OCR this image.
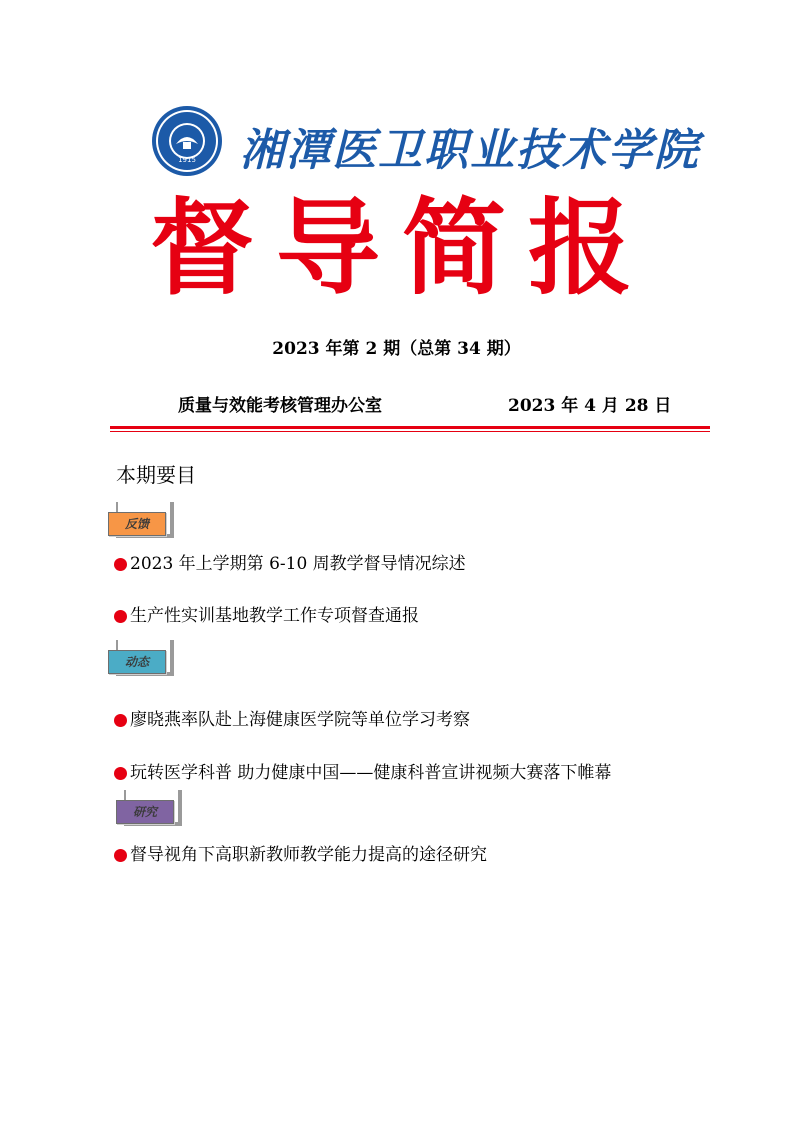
1915 湘潭医卫职业技术学院
督导简报
2023 年第 2 期（总第 34 期）
质量与效能考核管理办公室	2023 年 4 月 28 日
本期要目
反馈
2023 年上学期第 6-10 周教学督导情况综述
生产性实训基地教学工作专项督查通报
动态
廖晓燕率队赴上海健康医学院等单位学习考察
玩转医学科普 助力健康中国——健康科普宣讲视频大赛落下帷幕
研究
督导视角下高职新教师教学能力提高的途径研究
